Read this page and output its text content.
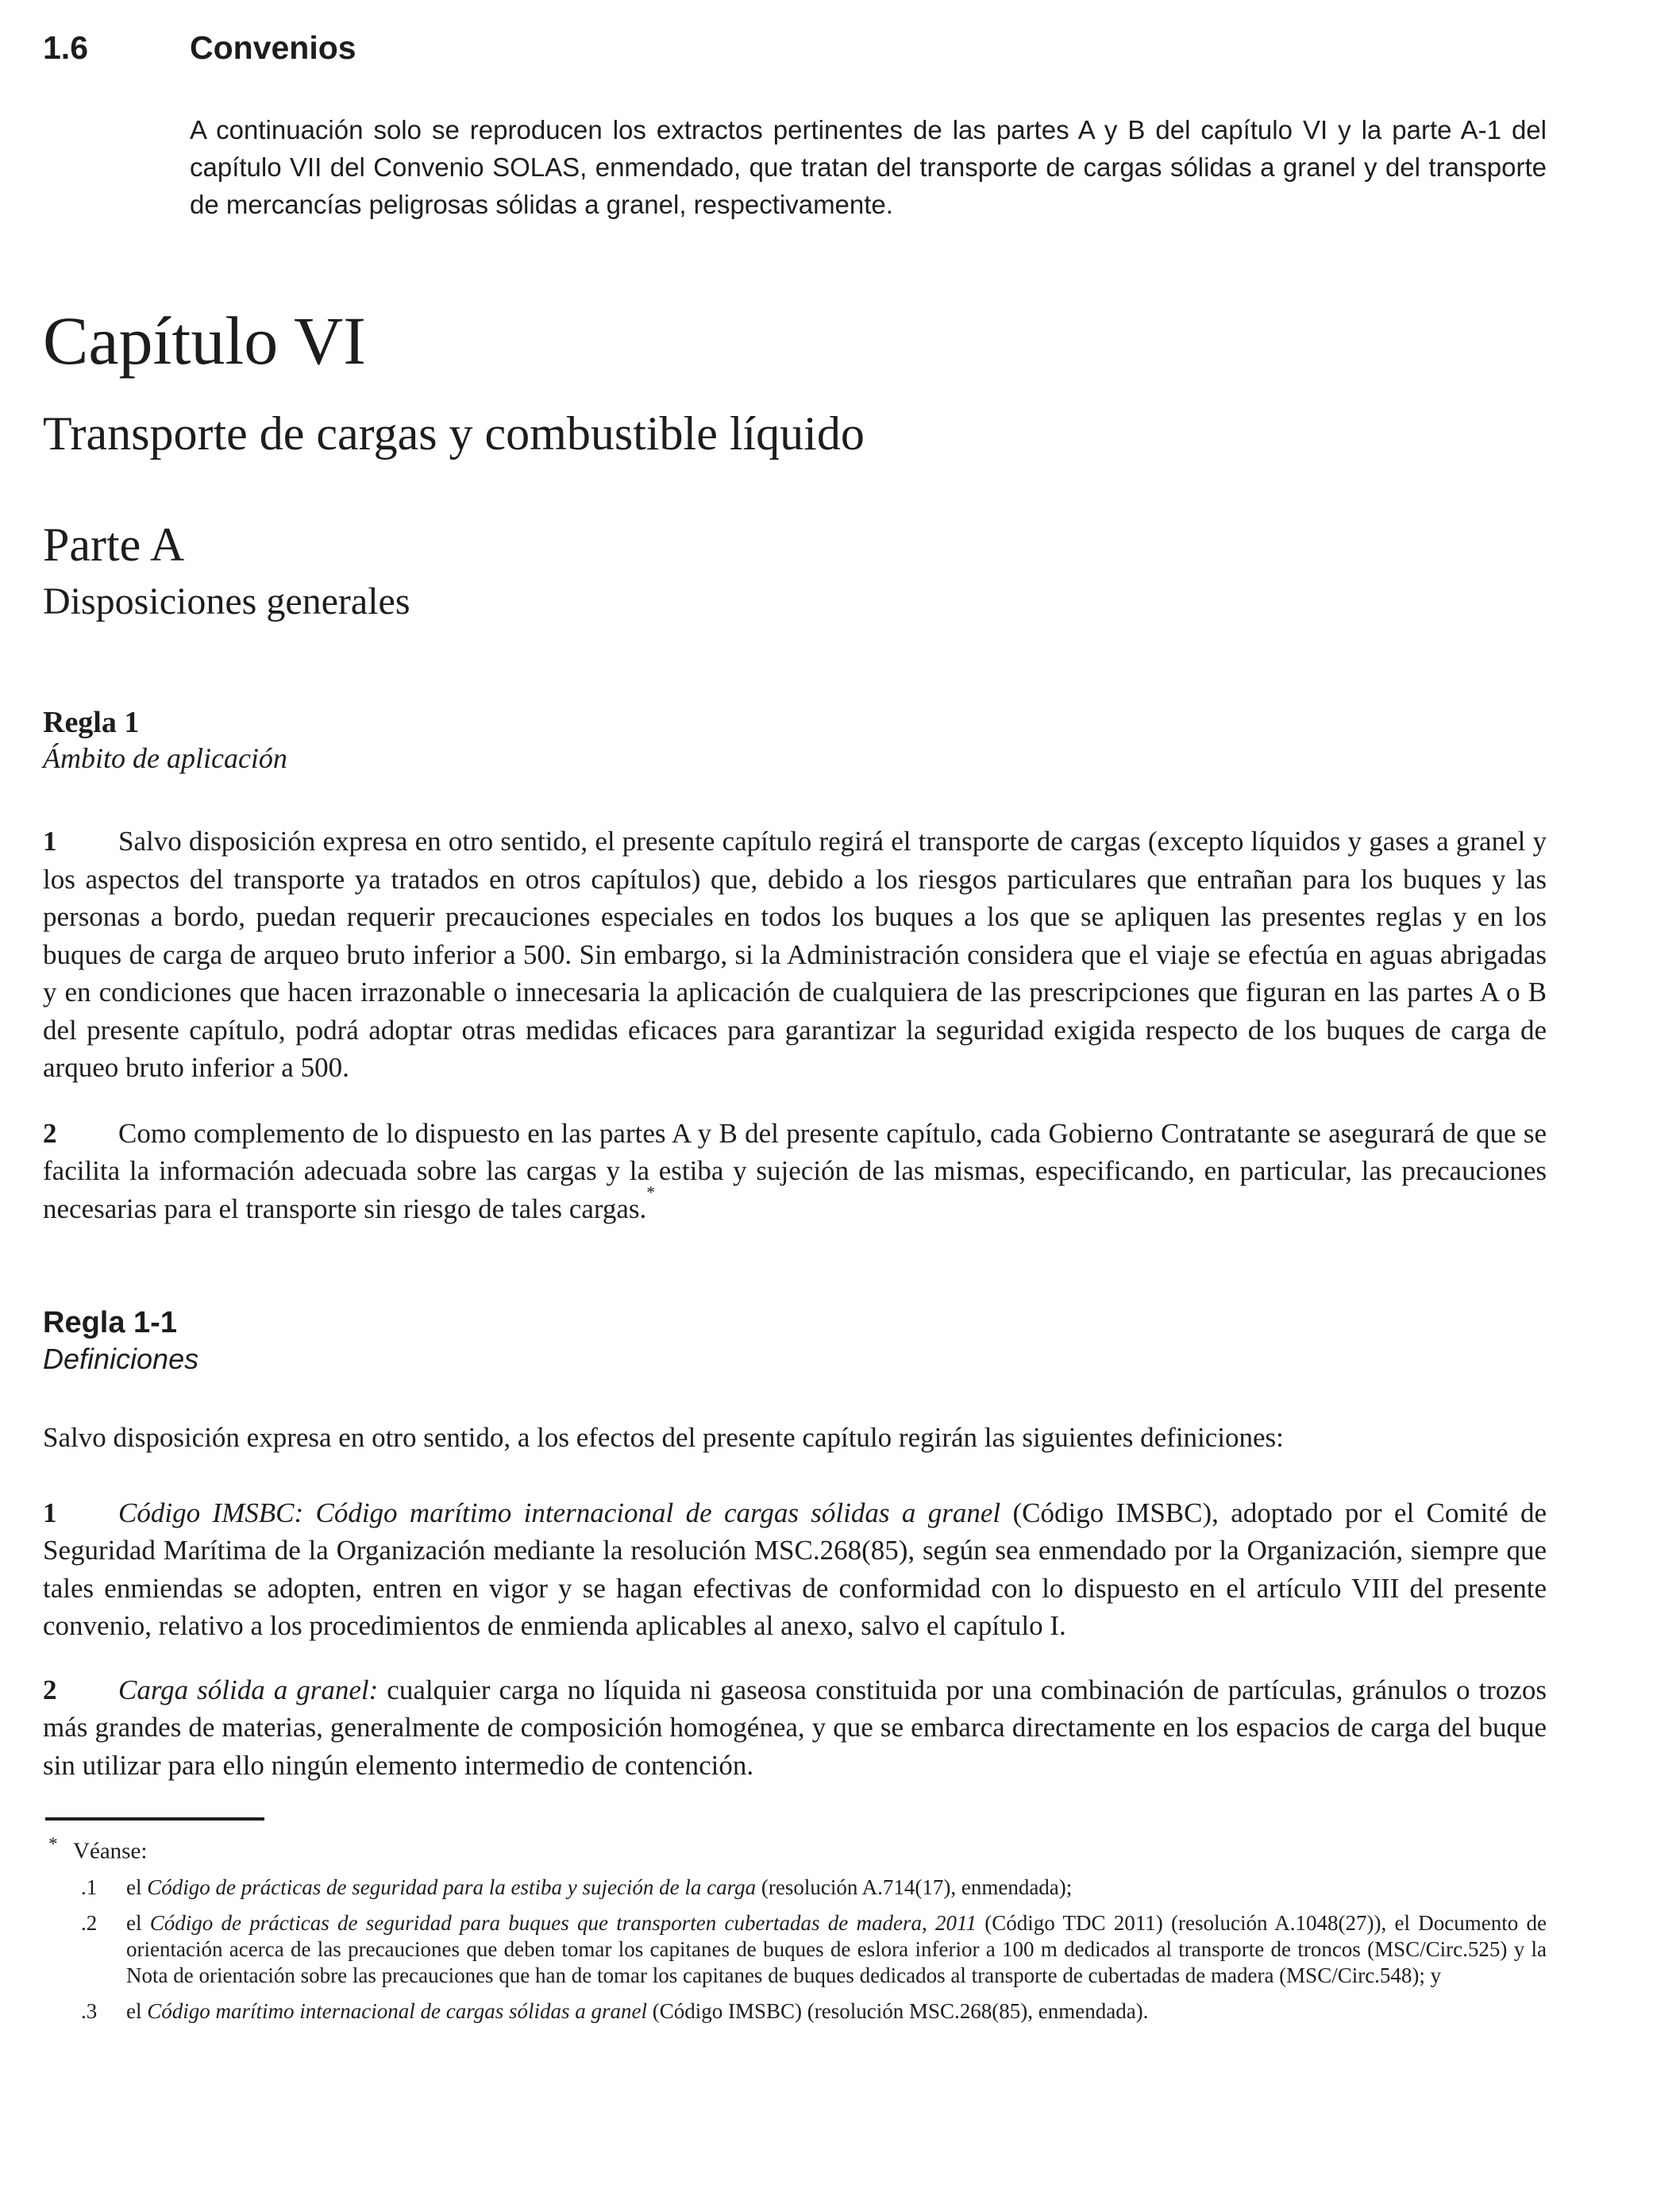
1.6	Convenios

A continuación solo se reproducen los extractos pertinentes de las partes A y B del capítulo VI y la parte A-1 del capítulo VII del Convenio SOLAS, enmendado, que tratan del transporte de cargas sólidas a granel y del transporte de mercancías peligrosas sólidas a granel, respectivamente.

Capítulo VI
Transporte de cargas y combustible líquido
Parte A
Disposiciones generales
Regla 1
Ámbito de aplicación

1 Salvo disposición expresa en otro sentido, el presente capítulo regirá el transporte de cargas (excepto líquidos y gases a granel y los aspectos del transporte ya tratados en otros capítulos) que, debido a los riesgos particulares que entrañan para los buques y las personas a bordo, puedan requerir precauciones especiales en todos los buques a los que se apliquen las presentes reglas y en los buques de carga de arqueo bruto inferior a 500. Sin embargo, si la Administración considera que el viaje se efectúa en aguas abrigadas y en condiciones que hacen irrazonable o innecesaria la aplicación de cualquiera de las prescripciones que figuran en las partes A o B del presente capítulo, podrá adoptar otras medidas eficaces para garantizar la seguridad exigida respecto de los buques de carga de arqueo bruto inferior a 500.

2 Como complemento de lo dispuesto en las partes A y B del presente capítulo, cada Gobierno Contratante se asegurará de que se facilita la información adecuada sobre las cargas y la estiba y sujeción de las mismas, especificando, en particular, las precauciones necesarias para el transporte sin riesgo de tales cargas.*

Regla 1-1
Definiciones

Salvo disposición expresa en otro sentido, a los efectos del presente capítulo regirán las siguientes definiciones:

1 Código IMSBC: Código marítimo internacional de cargas sólidas a granel (Código IMSBC), adoptado por el Comité de Seguridad Marítima de la Organización mediante la resolución MSC.268(85), según sea enmendado por la Organización, siempre que tales enmiendas se adopten, entren en vigor y se hagan efectivas de conformidad con lo dispuesto en el artículo VIII del presente convenio, relativo a los procedimientos de enmienda aplicables al anexo, salvo el capítulo I.

2 Carga sólida a granel: cualquier carga no líquida ni gaseosa constituida por una combinación de partículas, gránulos o trozos más grandes de materias, generalmente de composición homogénea, y que se embarca directamente en los espacios de carga del buque sin utilizar para ello ningún elemento intermedio de contención.

* Véanse:
.1 el Código de prácticas de seguridad para la estiba y sujeción de la carga (resolución A.714(17), enmendada);
.2 el Código de prácticas de seguridad para buques que transporten cubertadas de madera, 2011 (Código TDC 2011) (resolución A.1048(27)), el Documento de orientación acerca de las precauciones que deben tomar los capitanes de buques de eslora inferior a 100 m dedicados al transporte de troncos (MSC/Circ.525) y la Nota de orientación sobre las precauciones que han de tomar los capitanes de buques dedicados al transporte de cubertadas de madera (MSC/Circ.548); y
.3 el Código marítimo internacional de cargas sólidas a granel (Código IMSBC) (resolución MSC.268(85), enmendada).
